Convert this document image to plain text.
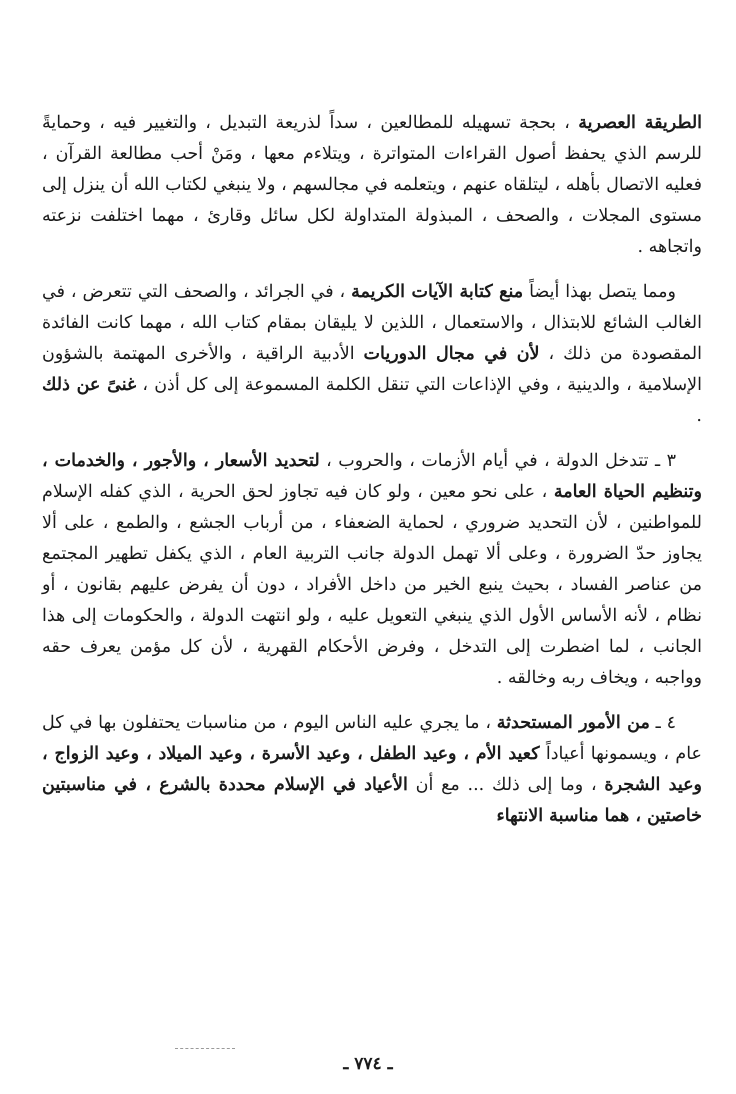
الطريقة العصرية ، بحجة تسهيله للمطالعين ، سداً لذريعة التبديل ، والتغيير فيه ، وحمايةً للرسم الذي يحفظ أصول القراءات المتواترة ، ويتلاءم معها ، ومَنْ أحب مطالعة القرآن ، فعليه الاتصال بأهله ، ليتلقاه عنهم ، ويتعلمه في مجالسهم ، ولا ينبغي لكتاب الله أن ينزل إلى مستوى المجلات ، والصحف ، المبذولة المتداولة لكل سائل وقارئ ، مهما اختلفت نزعته واتجاهه .

ومما يتصل بهذا أيضاً منع كتابة الآيات الكريمة ، في الجرائد ، والصحف التي تتعرض ، في الغالب الشائع للابتذال ، والاستعمال ، اللذين لا يليقان بمقام كتاب الله ، مهما كانت الفائدة المقصودة من ذلك ، لأن في مجال الدوريات الأدبية الراقية ، والأخرى المهتمة بالشؤون الإسلامية ، والدينية ، وفي الإذاعات التي تنقل الكلمة المسموعة إلى كل أذن ، غنىً عن ذلك .

٣ ـ تتدخل الدولة ، في أيام الأزمات ، والحروب ، لتحديد الأسعار ، والأجور ، والخدمات ، وتنظيم الحياة العامة ، على نحو معين ، ولو كان فيه تجاوز لحق الحرية ، الذي كفله الإسلام للمواطنين ، لأن التحديد ضروري ، لحماية الضعفاء ، من أرباب الجشع ، والطمع ، على ألا يجاوز حدّ الضرورة ، وعلى ألا تهمل الدولة جانب التربية العام ، الذي يكفل تطهير المجتمع من عناصر الفساد ، بحيث ينبع الخير من داخل الأفراد ، دون أن يفرض عليهم بقانون ، أو نظام ، لأنه الأساس الأول الذي ينبغي التعويل عليه ، ولو انتهت الدولة ، والحكومات إلى هذا الجانب ، لما اضطرت إلى التدخل ، وفرض الأحكام القهرية ، لأن كل مؤمن يعرف حقه وواجبه ، ويخاف ربه وخالقه .

٤ ـ من الأمور المستحدثة ، ما يجري عليه الناس اليوم ، من مناسبات يحتفلون بها في كل عام ، ويسمونها أعياداً كعيد الأم ، وعيد الطفل ، وعيد الأسرة ، وعيد الميلاد ، وعيد الزواج ، وعيد الشجرة ، وما إلى ذلك ... مع أن الأعياد في الإسلام محددة بالشرع ، في مناسبتين خاصتين ، هما مناسبة الانتهاء

ـ ٧٧٤ ـ
